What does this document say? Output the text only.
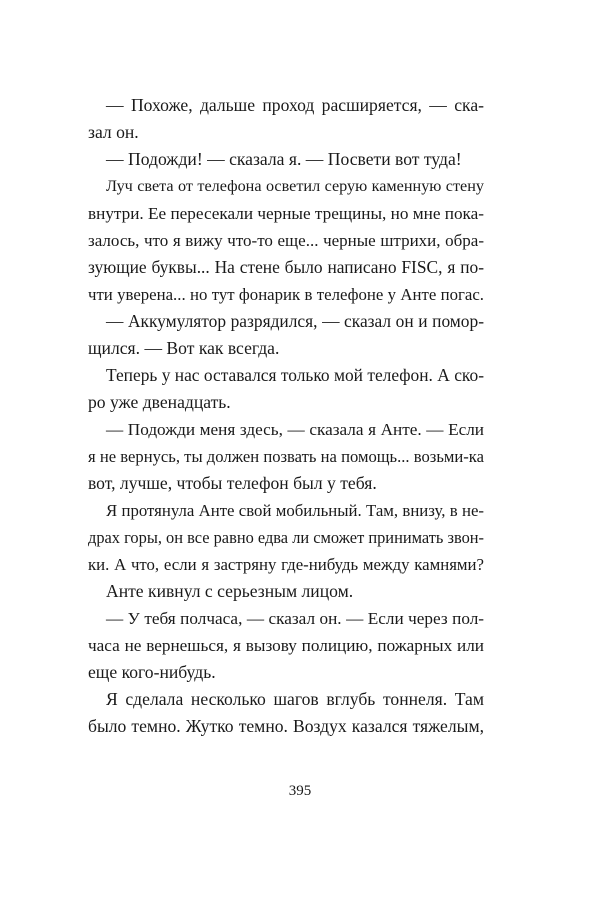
— Похоже, дальше проход расширяется, — ска-
зал он.
— Подожди! — сказала я. — Посвети вот туда!
Луч света от телефона осветил серую каменную стену
внутри. Ее пересекали черные трещины, но мне пока-
залось, что я вижу что-то еще... черные штрихи, обра-
зующие буквы... На стене было написано FISC, я по-
чти уверена... но тут фонарик в телефоне у Анте погас.
— Аккумулятор разрядился, — сказал он и помор-
щился. — Вот как всегда.
Теперь у нас оставался только мой телефон. А ско-
ро уже двенадцать.
— Подожди меня здесь, — сказала я Анте. — Если
я не вернусь, ты должен позвать на помощь... возьми-ка
вот, лучше, чтобы телефон был у тебя.
Я протянула Анте свой мобильный. Там, внизу, в не-
драх горы, он все равно едва ли сможет принимать звон-
ки. А что, если я застряну где-нибудь между камнями?
Анте кивнул с серьезным лицом.
— У тебя полчаса, — сказал он. — Если через пол-
часа не вернешься, я вызову полицию, пожарных или
еще кого-нибудь.
Я сделала несколько шагов вглубь тоннеля. Там
было темно. Жутко темно. Воздух казался тяжелым,
395
